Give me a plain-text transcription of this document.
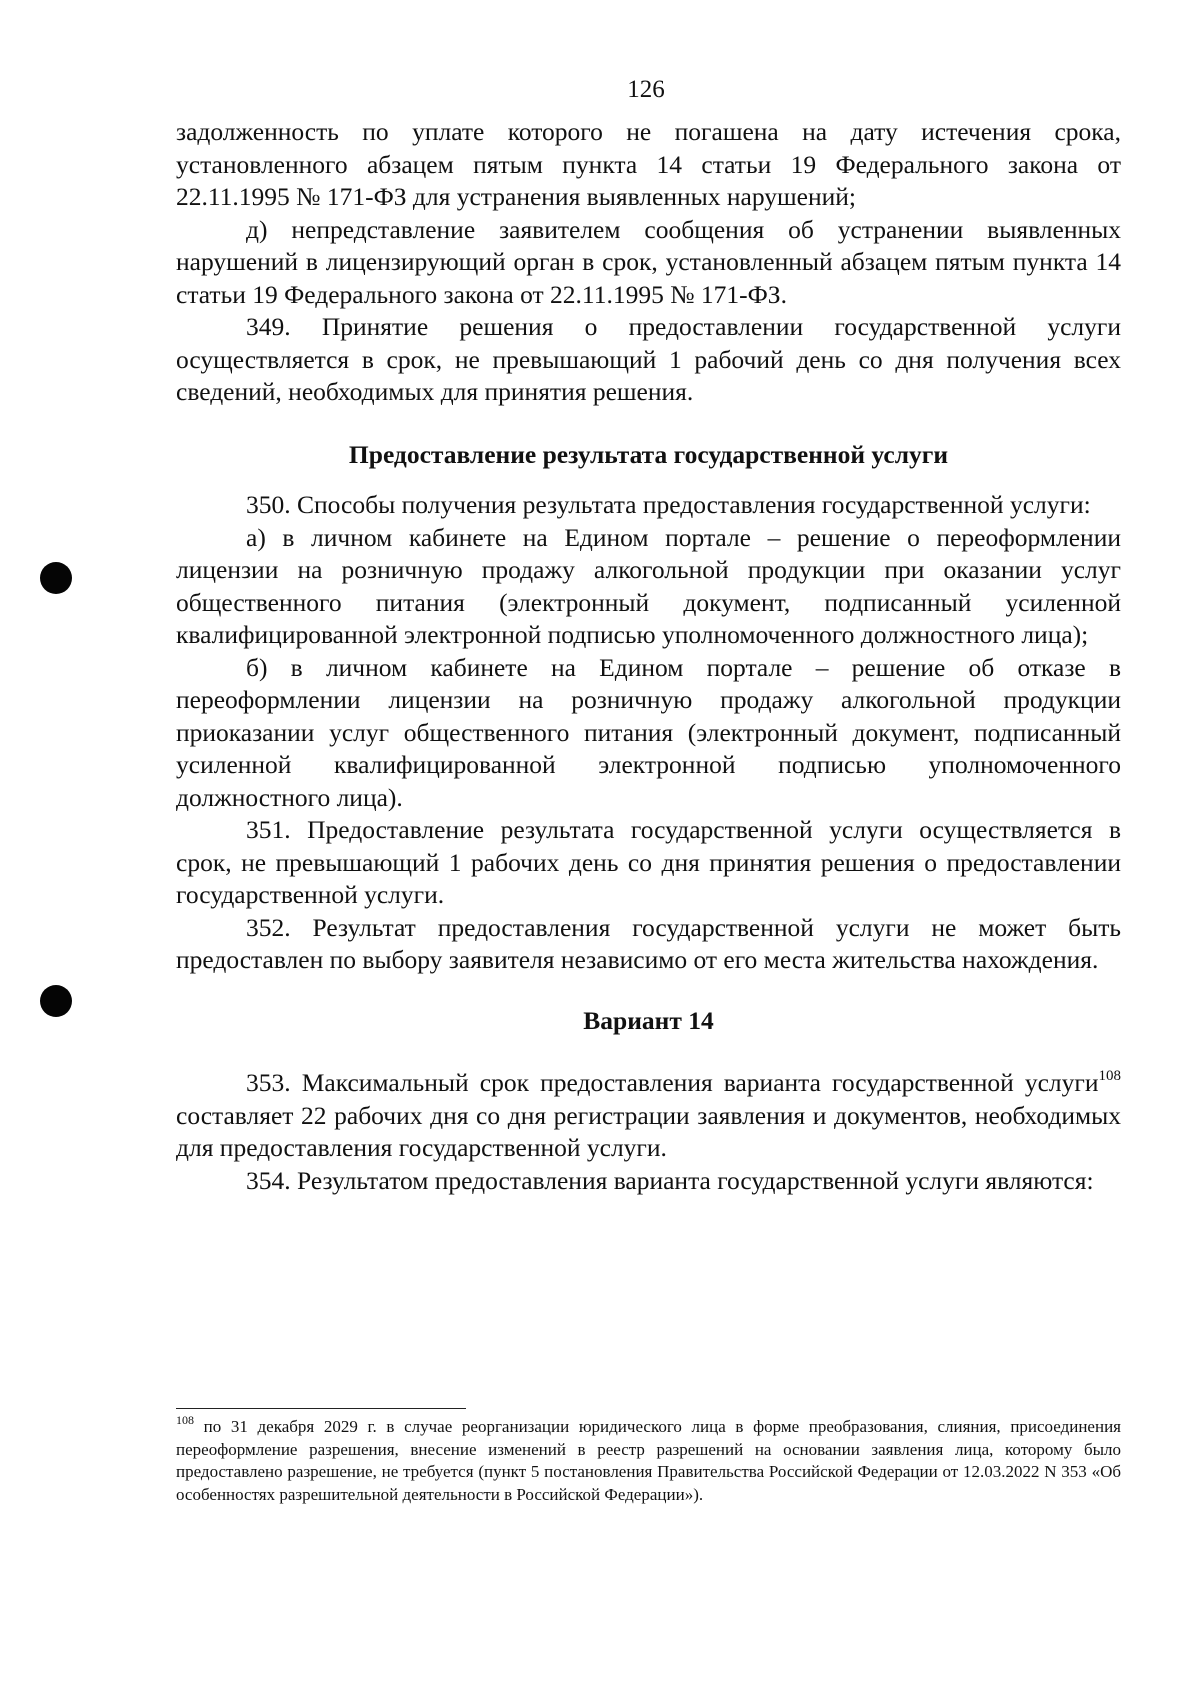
126

задолженность по уплате которого не погашена на дату истечения срока, установленного абзацем пятым пункта 14 статьи 19 Федерального закона от 22.11.1995 № 171-ФЗ для устранения выявленных нарушений;

д) непредставление заявителем сообщения об устранении выявленных нарушений в лицензирующий орган в срок, установленный абзацем пятым пункта 14 статьи 19 Федерального закона от 22.11.1995 № 171-ФЗ.

349. Принятие решения о предоставлении государственной услуги осуществляется в срок, не превышающий 1 рабочий день со дня получения всех сведений, необходимых для принятия решения.

Предоставление результата государственной услуги

350. Способы получения результата предоставления государственной услуги:

а) в личном кабинете на Едином портале – решение о переоформлении лицензии на розничную продажу алкогольной продукции при оказании услуг общественного питания (электронный документ, подписанный усиленной квалифицированной электронной подписью уполномоченного должностного лица);

б) в личном кабинете на Едином портале – решение об отказе в переоформлении лицензии на розничную продажу алкогольной продукции приоказании услуг общественного питания (электронный документ, подписанный усиленной квалифицированной электронной подписью уполномоченного должностного лица).

351. Предоставление результата государственной услуги осуществляется в срок, не превышающий 1 рабочих день со дня принятия решения о предоставлении государственной услуги.

352. Результат предоставления государственной услуги не может быть предоставлен по выбору заявителя независимо от его места жительства нахождения.

Вариант 14

353. Максимальный срок предоставления варианта государственной услуги$^{108}$ составляет 22 рабочих дня со дня регистрации заявления и документов, необходимых для предоставления государственной услуги.

354. Результатом предоставления варианта государственной услуги являются:

$^{108}$ по 31 декабря 2029 г. в случае реорганизации юридического лица в форме преобразования, слияния, присоединения переоформление разрешения, внесение изменений в реестр разрешений на основании заявления лица, которому было предоставлено разрешение, не требуется (пункт 5 постановления Правительства Российской Федерации от 12.03.2022 N 353 «Об особенностях разрешительной деятельности в Российской Федерации»).
